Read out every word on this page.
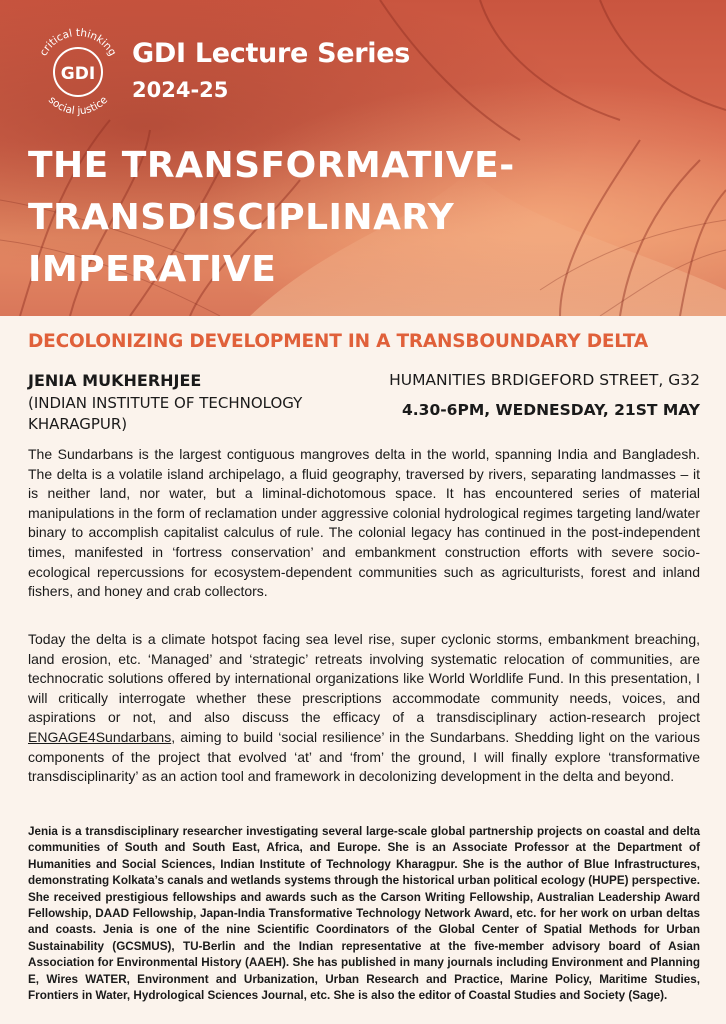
GDI
critical thinking
social justice
GDI Lecture Series
2024-25
THE TRANSFORMATIVE-
TRANSDISCIPLINARY
IMPERATIVE
DECOLONIZING DEVELOPMENT IN A TRANSBOUNDARY DELTA
JENIA MUKHERHJEE
(INDIAN INSTITUTE OF TECHNOLOGY KHARAGPUR)
HUMANITIES BRDIGEFORD STREET, G32
4.30-6PM, WEDNESDAY, 21ST MAY

The Sundarbans is the largest contiguous mangroves delta in the world, spanning India and Bangladesh. The delta is a volatile island archipelago, a fluid geography, traversed by rivers, separating landmasses – it is neither land, nor water, but a liminal-dichotomous space. It has encountered series of material manipulations in the form of reclamation under aggressive colonial hydrological regimes targeting land/water binary to accomplish capitalist calculus of rule. The colonial legacy has continued in the post-independent times, manifested in ‘fortress conservation’ and embankment construction efforts with severe socio-ecological repercussions for ecosystem-dependent communities such as agriculturists, forest and inland fishers, and honey and crab collectors.

Today the delta is a climate hotspot facing sea level rise, super cyclonic storms, embankment breaching, land erosion, etc. ‘Managed’ and ‘strategic’ retreats involving systematic relocation of communities, are technocratic solutions offered by international organizations like World Worldlife Fund. In this presentation, I will critically interrogate whether these prescriptions accommodate community needs, voices, and aspirations or not, and also discuss the efficacy of a transdisciplinary action-research project ENGAGE4Sundarbans, aiming to build ‘social resilience’ in the Sundarbans. Shedding light on the various components of the project that evolved ‘at’ and ‘from’ the ground, I will finally explore ‘transformative transdisciplinarity’ as an action tool and framework in decolonizing development in the delta and beyond.

Jenia is a transdisciplinary researcher investigating several large-scale global partnership projects on coastal and delta communities of South and South East, Africa, and Europe. She is an Associate Professor at the Department of Humanities and Social Sciences, Indian Institute of Technology Kharagpur. She is the author of Blue Infrastructures, demonstrating Kolkata’s canals and wetlands systems through the historical urban political ecology (HUPE) perspective. She received prestigious fellowships and awards such as the Carson Writing Fellowship, Australian Leadership Award Fellowship, DAAD Fellowship, Japan-India Transformative Technology Network Award, etc. for her work on urban deltas and coasts. Jenia is one of the nine Scientific Coordinators of the Global Center of Spatial Methods for Urban Sustainability (GCSMUS), TU-Berlin and the Indian representative at the five-member advisory board of Asian Association for Environmental History (AAEH). She has published in many journals including Environment and Planning E, Wires WATER, Environment and Urbanization, Urban Research and Practice, Marine Policy, Maritime Studies, Frontiers in Water, Hydrological Sciences Journal, etc. She is also the editor of Coastal Studies and Society (Sage).
